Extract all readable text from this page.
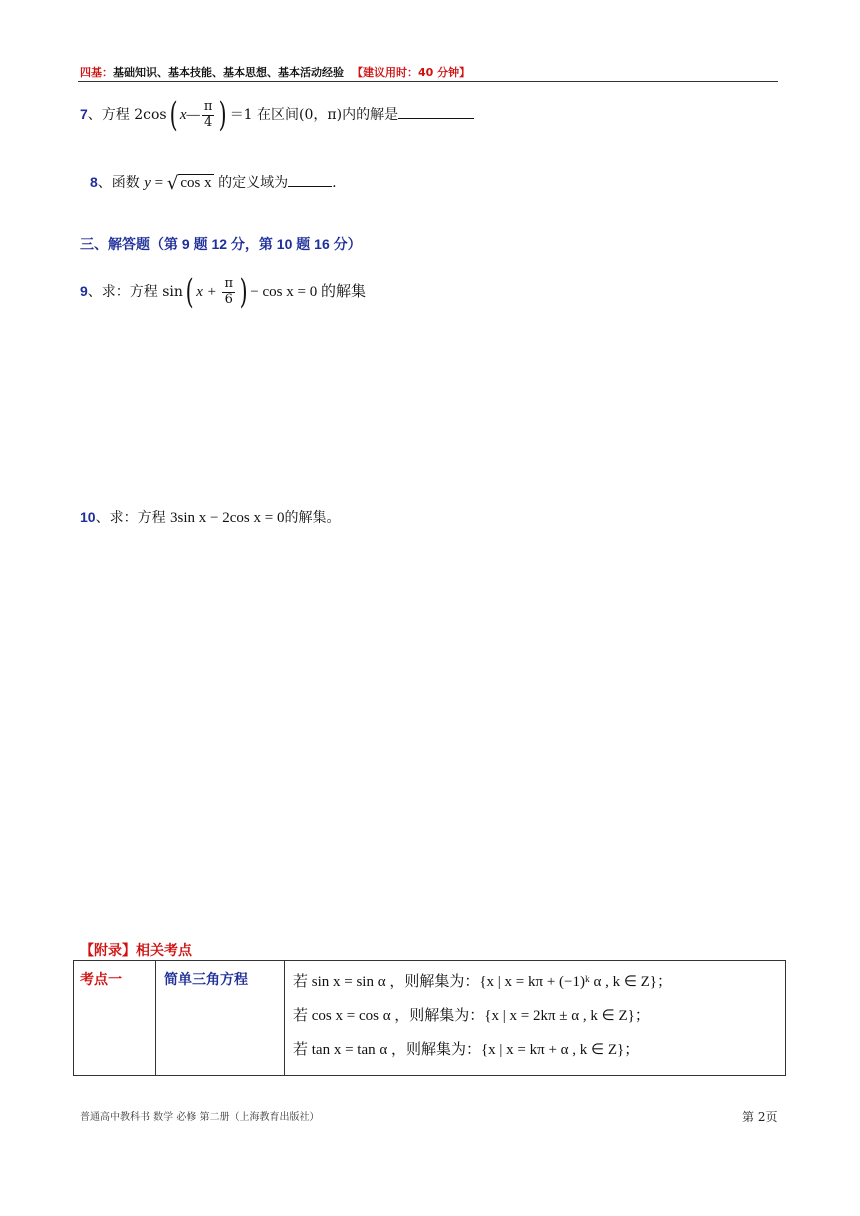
四基：基础知识、基本技能、基本思想、基本活动经验 【建议用时：40 分钟】
7、方程 2cos( x— $\frac{\pi}{4}$ ) ＝1 在区间(0，π)内的解是
8、函数 y = √ cos x 的定义域为	.
三、解答题（第 9 题 12 分，第 10 题 16 分）
9、求：方程 sin( $x + \frac{\pi}{6}$ ) − cos x = 0 的解集
10、求：方程 3sin x − 2cos x = 0的解集。
【附录】相关考点
考点一	简单三角方程	若 sin x = sin α ，则解集为：{x | x = kπ + (−1)ᵏ α , k ∈ Z}；
若 cos x = cos α ，则解集为：{x | x = 2kπ ± α , k ∈ Z}；
若 tan x = tan α ，则解集为：{x | x = kπ + α , k ∈ Z}；
普通高中教科书 数学 必修 第二册（上海教育出版社）	第 2页
